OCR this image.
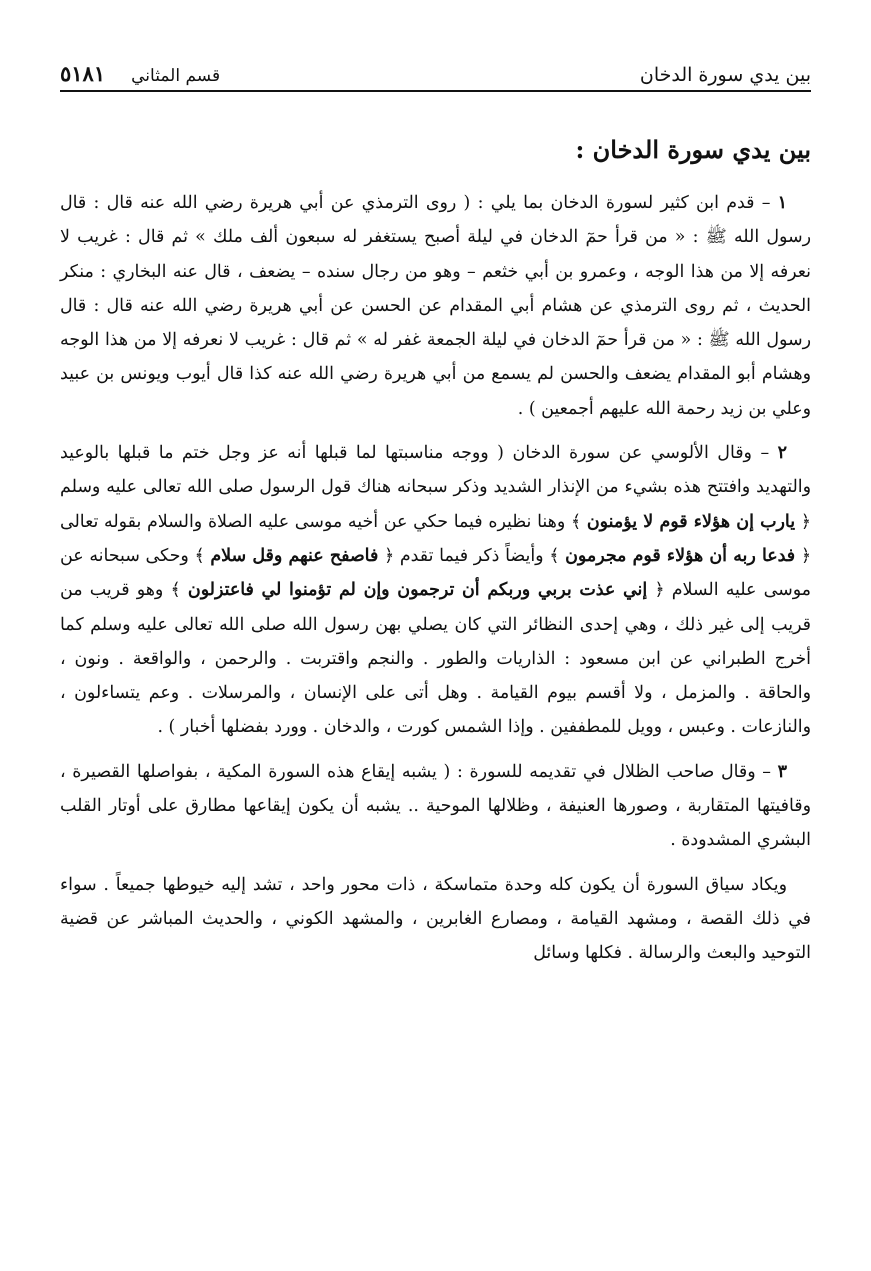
بين يدي سورة الدخان
قسم المثاني
٥١٨١
بين يدي سورة الدخان :

١ – قدم ابن كثير لسورة الدخان بما يلي : ( روى الترمذي عن أبي هريرة رضي الله عنه قال : قال رسول الله ﷺ : « من قرأ حمٓ الدخان في ليلة أصبح يستغفر له سبعون ألف ملك » ثم قال : غريب لا نعرفه إلا من هذا الوجه ، وعمرو بن أبي خثعم – وهو من رجال سنده – يضعف ، قال عنه البخاري : منكر الحديث ، ثم روى الترمذي عن هشام أبي المقدام عن الحسن عن أبي هريرة رضي الله عنه قال : قال رسول الله ﷺ : « من قرأ حمٓ الدخان في ليلة الجمعة غفر له » ثم قال : غريب لا نعرفه إلا من هذا الوجه وهشام أبو المقدام يضعف والحسن لم يسمع من أبي هريرة رضي الله عنه كذا قال أيوب ويونس بن عبيد وعلي بن زيد رحمة الله عليهم أجمعين ) .

٢ – وقال الألوسي عن سورة الدخان ( ووجه مناسبتها لما قبلها أنه عز وجل ختم ما قبلها بالوعيد والتهديد وافتتح هذه بشيء من الإنذار الشديد وذكر سبحانه هناك قول الرسول صلى الله تعالى عليه وسلم ﴿ يارب إن هؤلاء قوم لا يؤمنون ﴾ وهنا نظيره فيما حكي عن أخيه موسى عليه الصلاة والسلام بقوله تعالى ﴿ فدعا ربه أن هؤلاء قوم مجرمون ﴾ وأيضاً ذكر فيما تقدم ﴿ فاصفح عنهم وقل سلام ﴾ وحكى سبحانه عن موسى عليه السلام ﴿ إني عذت بربي وربكم أن ترجمون وإن لم تؤمنوا لي فاعتزلون ﴾ وهو قريب من قريب إلى غير ذلك ، وهي إحدى النظائر التي كان يصلي بهن رسول الله صلى الله تعالى عليه وسلم كما أخرج الطبراني عن ابن مسعود : الذاريات والطور . والنجم واقتربت . والرحمن ، والواقعة . ونون ، والحاقة . والمزمل ، ولا أقسم بيوم القيامة . وهل أتى على الإنسان ، والمرسلات . وعم يتساءلون ، والنازعات . وعبس ، وويل للمطففين . وإذا الشمس كورت ، والدخان . وورد بفضلها أخبار ) .

٣ – وقال صاحب الظلال في تقديمه للسورة : ( يشبه إيقاع هذه السورة المكية ، بفواصلها القصيرة ، وقافيتها المتقاربة ، وصورها العنيفة ، وظلالها الموحية .. يشبه أن يكون إيقاعها مطارق على أوتار القلب البشري المشدودة .

ويكاد سياق السورة أن يكون كله وحدة متماسكة ، ذات محور واحد ، تشد إليه خيوطها جميعاً . سواء في ذلك القصة ، ومشهد القيامة ، ومصارع الغابرين ، والمشهد الكوني ، والحديث المباشر عن قضية التوحيد والبعث والرسالة . فكلها وسائل
